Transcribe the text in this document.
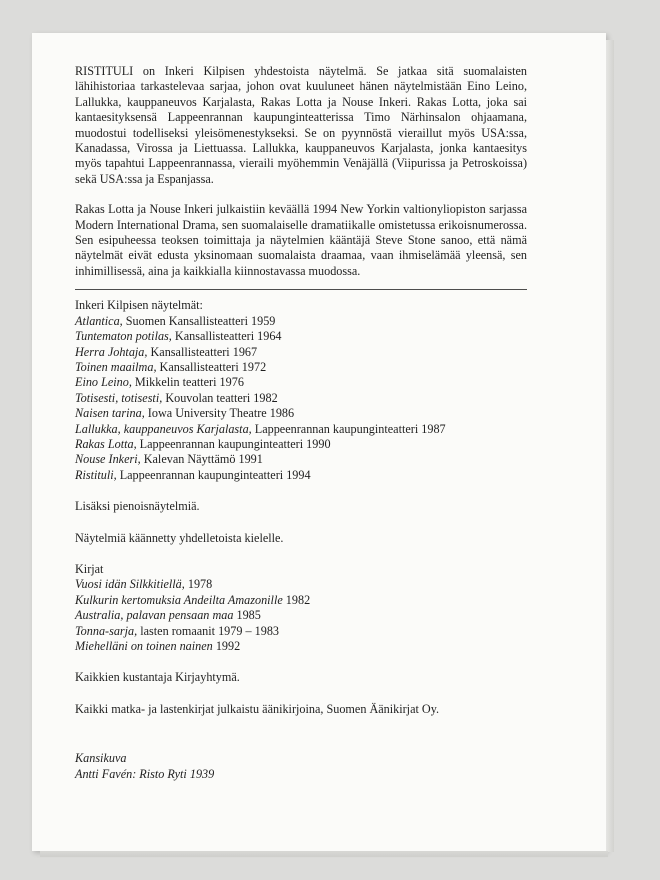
RISTITULI on Inkeri Kilpisen yhdestoista näytelmä. Se jatkaa sitä suomalaisten lähihistoriaa tarkastelevaa sarjaa, johon ovat kuuluneet hänen näytelmistään Eino Leino, Lallukka, kauppaneuvos Karjalasta, Rakas Lotta ja Nouse Inkeri. Rakas Lotta, joka sai kantaesityksensä Lappeenrannan kaupunginteatterissa Timo Närhinsalon ohjaamana, muodostui todelliseksi yleisömenestykseksi. Se on pyynnöstä vieraillut myös USA:ssa, Kanadassa, Virossa ja Liettuassa. Lallukka, kauppaneuvos Karjalasta, jonka kantaesitys myös tapahtui Lappeenrannassa, vieraili myöhemmin Venäjällä (Viipurissa ja Petroskoissa) sekä USA:ssa ja Espanjassa.

Rakas Lotta ja Nouse Inkeri julkaistiin keväällä 1994 New Yorkin valtionyliopiston sarjassa Modern International Drama, sen suomalaiselle dramatiikalle omistetussa erikoisnumerossa. Sen esipuheessa teoksen toimittaja ja näytelmien kääntäjä Steve Stone sanoo, että nämä näytelmät eivät edusta yksinomaan suomalaista draamaa, vaan ihmiselämää yleensä, sen inhimillisessä, aina ja kaikkialla kiinnostavassa muodossa.

Inkeri Kilpisen näytelmät:

Atlantica, Suomen Kansallisteatteri 1959

Tuntematon potilas, Kansallisteatteri 1964

Herra Johtaja, Kansallisteatteri 1967

Toinen maailma, Kansallisteatteri 1972

Eino Leino, Mikkelin teatteri 1976

Totisesti, totisesti, Kouvolan teatteri 1982

Naisen tarina, Iowa University Theatre 1986

Lallukka, kauppaneuvos Karjalasta, Lappeenrannan kaupunginteatteri 1987

Rakas Lotta, Lappeenrannan kaupunginteatteri 1990

Nouse Inkeri, Kalevan Näyttämö 1991

Ristituli, Lappeenrannan kaupunginteatteri 1994

Lisäksi pienoisnäytelmiä.

Näytelmiä käännetty yhdelletoista kielelle.

Kirjat

Vuosi idän Silkkitiellä, 1978

Kulkurin kertomuksia Andeilta Amazonille 1982

Australia, palavan pensaan maa 1985

Tonna-sarja, lasten romaanit 1979 – 1983

Miehelläni on toinen nainen 1992

Kaikkien kustantaja Kirjayhtymä.

Kaikki matka- ja lastenkirjat julkaistu äänikirjoina, Suomen Äänikirjat Oy.

Kansikuva

Antti Favén: Risto Ryti 1939
